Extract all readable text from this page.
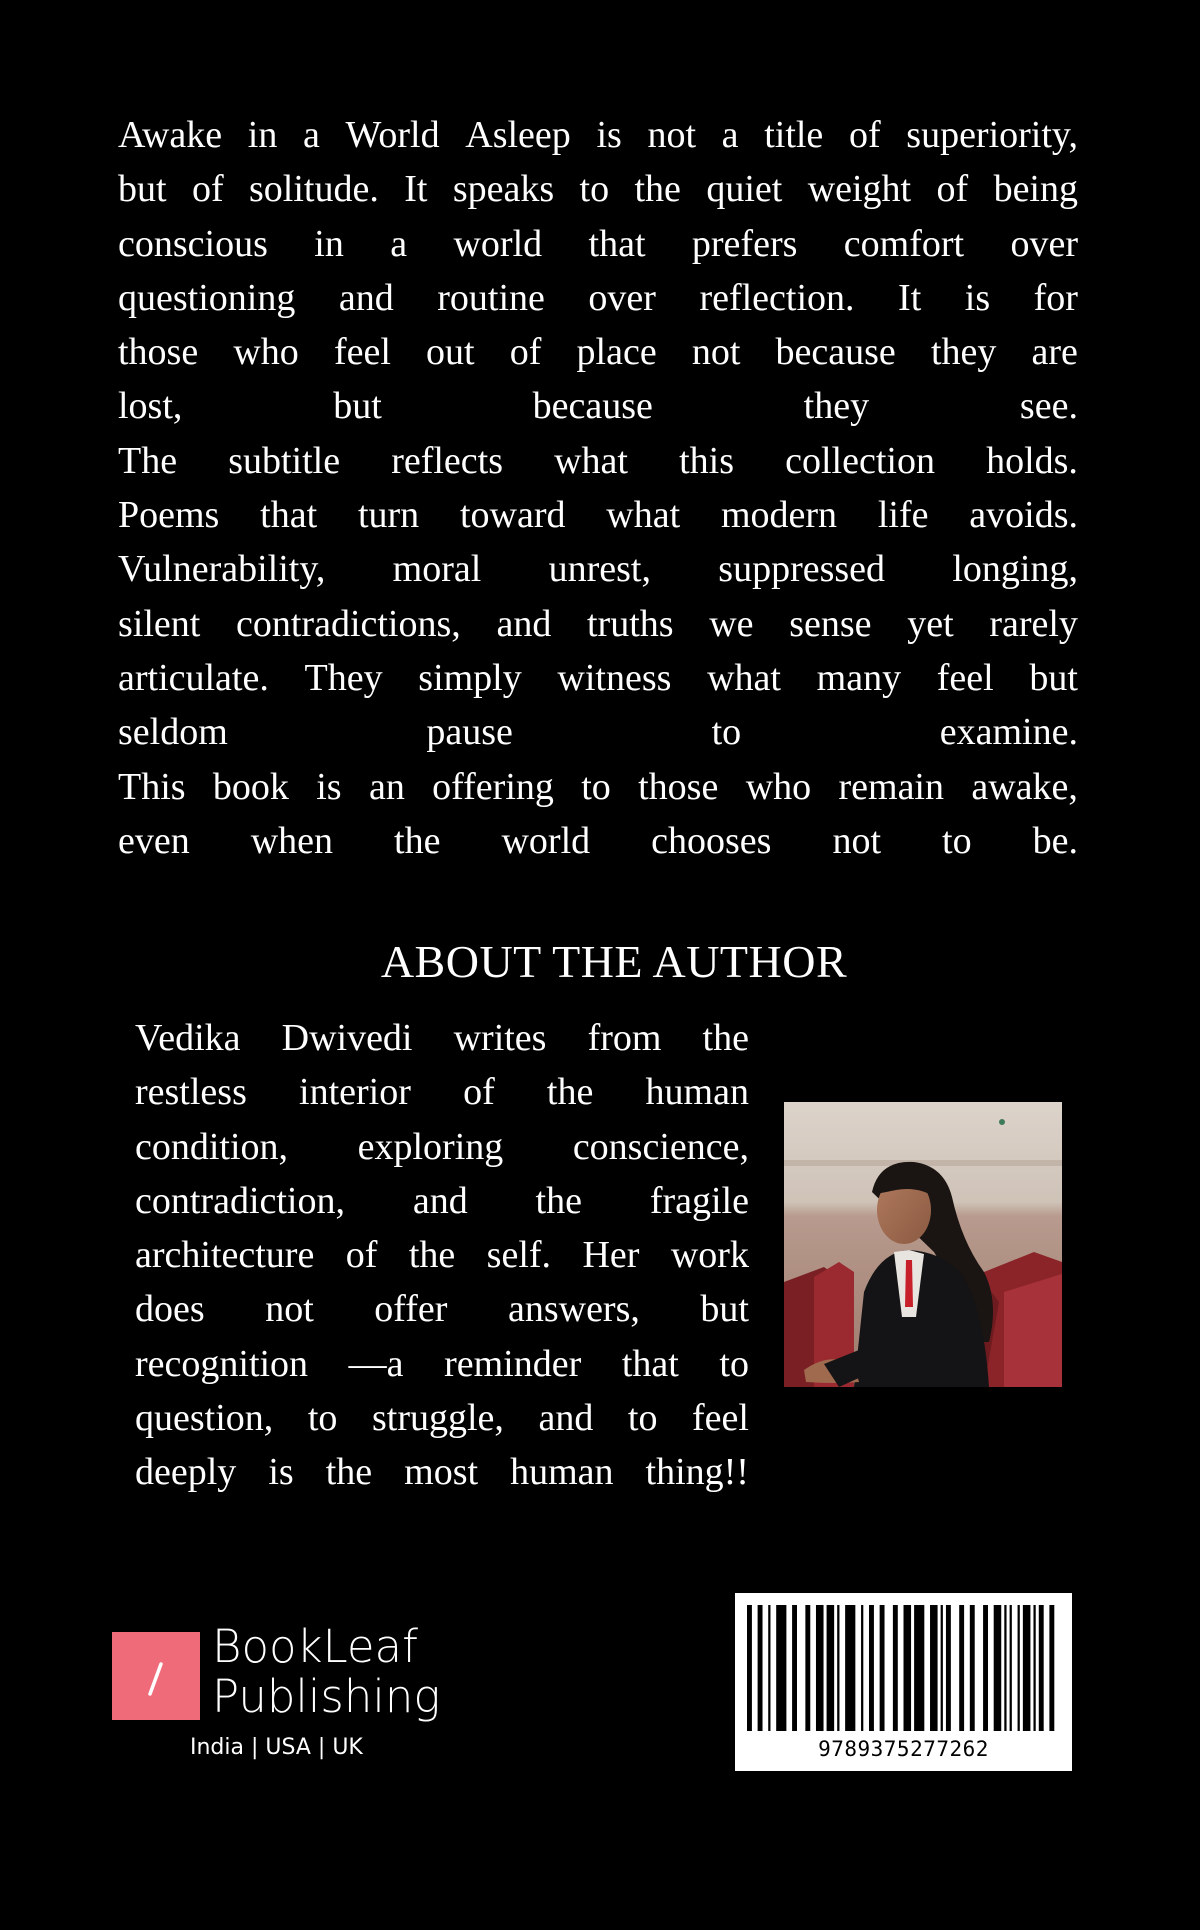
Awake in a World Asleep is not a title of superiority,
but of solitude. It speaks to the quiet weight of being
conscious in a world that prefers comfort over
questioning and routine over reflection. It is for
those who feel out of place not because they are
lost,	but	because	they	see.
The subtitle reflects what this collection holds.
Poems that turn toward what modern life avoids.
Vulnerability, moral unrest, suppressed longing,
silent contradictions, and truths we sense yet rarely
articulate. They simply witness what many feel but
seldom	pause	to	examine.
This book is an offering to those who remain awake,
even when the world chooses not to be.
ABOUT THE AUTHOR
Vedika Dwivedi writes from the
restless interior of the human
condition, exploring conscience,
contradiction, and the fragile
architecture of the self. Her work
does not offer answers, but
recognition —a reminder that to
question, to struggle, and to feel
deeply is the most human thing!!
BookLeaf
Publishing
India | USA | UK	9789375277262
